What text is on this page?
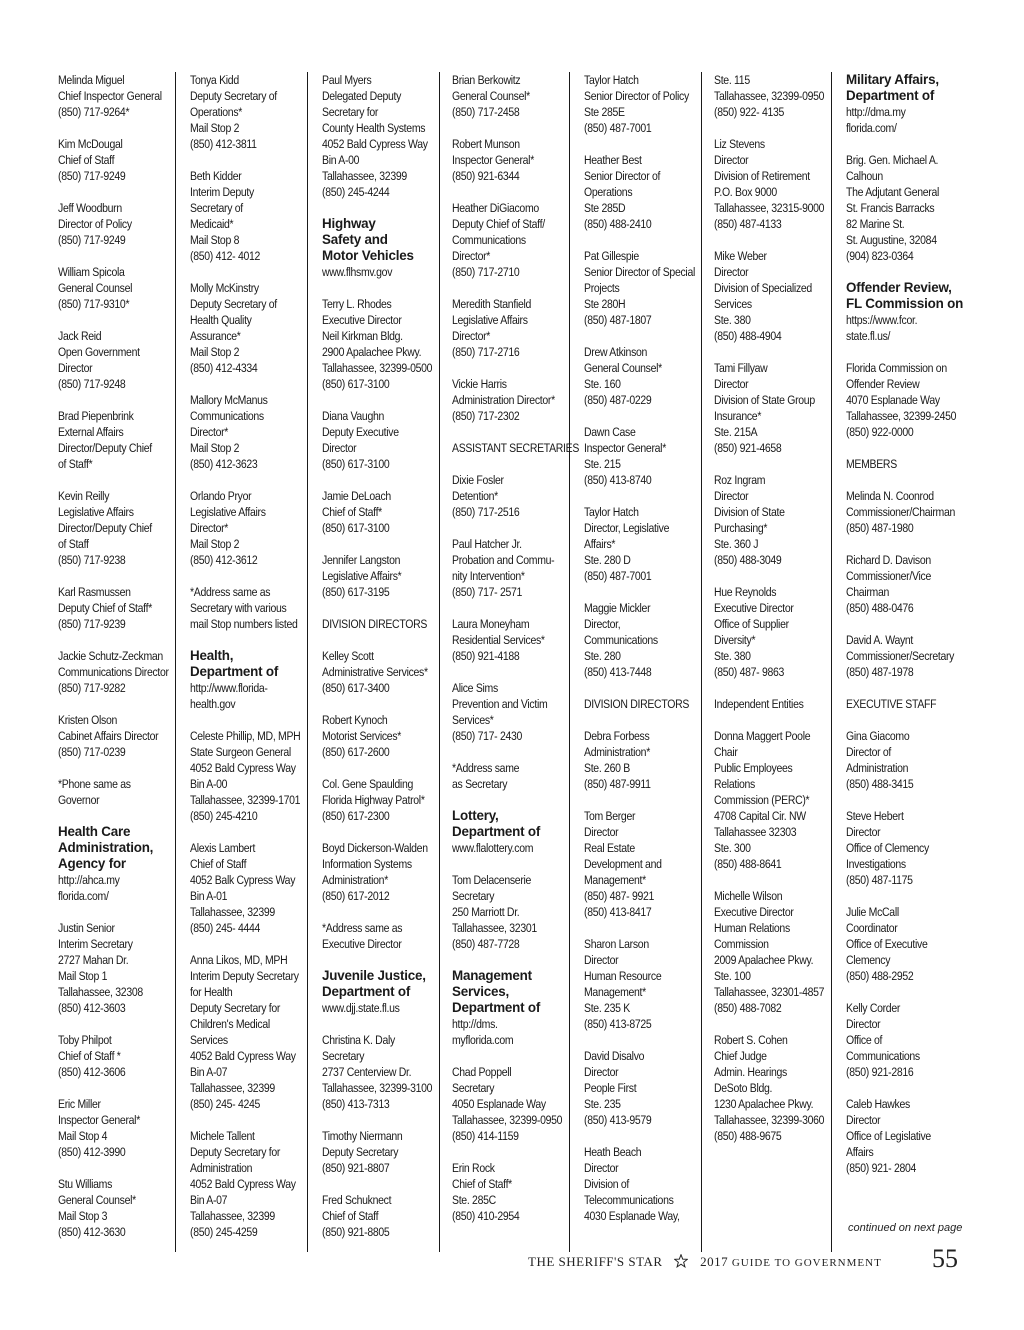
Melinda Miguel
Chief Inspector General
(850) 717-9264*
Kim McDougal
Chief of Staff
(850) 717-9249
Jeff Woodburn
Director of Policy
(850) 717-9249
William Spicola
General Counsel
(850) 717-9310*
Jack Reid
Open Government
Director
(850) 717-9248
Brad Piepenbrink
External Affairs
Director/Deputy Chief
of Staff*
Kevin Reilly
Legislative Affairs
Director/Deputy Chief
of Staff
(850) 717-9238
Karl Rasmussen
Deputy Chief of Staff*
(850) 717-9239
Jackie Schutz-Zeckman
Communications Director
(850) 717-9282
Kristen Olson
Cabinet Affairs Director
(850) 717-0239
*Phone same as
Governor
Health Care
Administration,
Agency for
http://ahca.my
florida.com/
Justin Senior
Interim Secretary
2727 Mahan Dr.
Mail Stop 1
Tallahassee, 32308
(850) 412-3603
Toby Philpot
Chief of Staff *
(850) 412-3606
Eric Miller
Inspector General*
Mail Stop 4
(850) 412-3990
Stu Williams
General Counsel*
Mail Stop 3
(850) 412-3630
Tonya Kidd
Deputy Secretary of
Operations*
Mail Stop 2
(850) 412-3811
Beth Kidder
Interim Deputy
Secretary of
Medicaid*
Mail Stop 8
(850) 412- 4012
Molly McKinstry
Deputy Secretary of
Health Quality
Assurance*
Mail Stop 2
(850) 412-4334
Mallory McManus
Communications
Director*
Mail Stop 2
(850) 412-3623
Orlando Pryor
Legislative Affairs
Director*
Mail Stop 2
(850) 412-3612
*Address same as
Secretary with various
mail Stop numbers listed
Health,
Department of
http://www.florida-
health.gov
Celeste Phillip, MD, MPH
State Surgeon General
4052 Bald Cypress Way
Bin A-00
Tallahassee, 32399-1701
(850) 245-4210
Alexis Lambert
Chief of Staff
4052 Balk Cypress Way
Bin A-01
Tallahassee, 32399
(850) 245- 4444
Anna Likos, MD, MPH
Interim Deputy Secretary
for Health
Deputy Secretary for
Children's Medical
Services
4052 Bald Cypress Way
Bin A-07
Tallahassee, 32399
(850) 245- 4245
Michele Tallent
Deputy Secretary for
Administration
4052 Bald Cypress Way
Bin A-07
Tallahassee, 32399
(850) 245-4259
Paul Myers
Delegated Deputy
Secretary for
County Health Systems
4052 Bald Cypress Way
Bin A-00
Tallahassee, 32399
(850) 245-4244
Highway
Safety and
Motor Vehicles
www.flhsmv.gov
Terry L. Rhodes
Executive Director
Neil Kirkman Bldg.
2900 Apalachee Pkwy.
Tallahassee, 32399-0500
(850) 617-3100
Diana Vaughn
Deputy Executive
Director
(850) 617-3100
Jamie DeLoach
Chief of Staff*
(850) 617-3100
Jennifer Langston
Legislative Affairs*
(850) 617-3195
DIVISION DIRECTORS
Kelley Scott
Administrative Services*
(850) 617-3400
Robert Kynoch
Motorist Services*
(850) 617-2600
Col. Gene Spaulding
Florida Highway Patrol*
(850) 617-2300
Boyd Dickerson-Walden
Information Systems
Administration*
(850) 617-2012
*Address same as
Executive Director
Juvenile Justice,
Department of
www.djj.state.fl.us
Christina K. Daly
Secretary
2737 Centerview Dr.
Tallahassee, 32399-3100
(850) 413-7313
Timothy Niermann
Deputy Secretary
(850) 921-8807
Fred Schuknect
Chief of Staff
(850) 921-8805
Brian Berkowitz
General Counsel*
(850) 717-2458
Robert Munson
Inspector General*
(850) 921-6344
Heather DiGiacomo
Deputy Chief of Staff/
Communications
Director*
(850) 717-2710
Meredith Stanfield
Legislative Affairs
Director*
(850) 717-2716
Vickie Harris
Administration Director*
(850) 717-2302
ASSISTANT SECRETARIES
Dixie Fosler
Detention*
(850) 717-2516
Paul Hatcher Jr.
Probation and Commu-
nity Intervention*
(850) 717- 2571
Laura Moneyham
Residential Services*
(850) 921-4188
Alice Sims
Prevention and Victim
Services*
(850) 717- 2430
*Address same
as Secretary
Lottery,
Department of
www.flalottery.com
Tom Delacenserie
Secretary
250 Marriott Dr.
Tallahassee, 32301
(850) 487-7728
Management
Services,
Department of
http://dms.
myflorida.com
Chad Poppell
Secretary
4050 Esplanade Way
Tallahassee, 32399-0950
(850) 414-1159
Erin Rock
Chief of Staff*
Ste. 285C
(850) 410-2954
Taylor Hatch
Senior Director of Policy
Ste 285E
(850) 487-7001
Heather Best
Senior Director of
Operations
Ste 285D
(850) 488-2410
Pat Gillespie
Senior Director of Special
Projects
Ste 280H
(850) 487-1807
Drew Atkinson
General Counsel*
Ste. 160
(850) 487-0229
Dawn Case
Inspector General*
Ste. 215
(850) 413-8740
Taylor Hatch
Director, Legislative
Affairs*
Ste. 280 D
(850) 487-7001
Maggie Mickler
Director,
Communications
Ste. 280
(850) 413-7448
DIVISION DIRECTORS
Debra Forbess
Administration*
Ste. 260 B
(850) 487-9911
Tom Berger
Director
Real Estate
Development and
Management*
(850) 487- 9921
(850) 413-8417
Sharon Larson
Director
Human Resource
Management*
Ste. 235 K
(850) 413-8725
David Disalvo
Director
People First
Ste. 235
(850) 413-9579
Heath Beach
Director
Division of
Telecommunications
4030 Esplanade Way,
Ste. 115
Tallahassee, 32399-0950
(850) 922- 4135
Liz Stevens
Director
Division of Retirement
P.O. Box 9000
Tallahassee, 32315-9000
(850) 487-4133
Mike Weber
Director
Division of Specialized
Services
Ste. 380
(850) 488-4904
Tami Fillyaw
Director
Division of State Group
Insurance*
Ste. 215A
(850) 921-4658
Roz Ingram
Director
Division of State
Purchasing*
Ste. 360 J
(850) 488-3049
Hue Reynolds
Executive Director
Office of Supplier
Diversity*
Ste. 380
(850) 487- 9863
Independent Entities
Donna Maggert Poole
Chair
Public Employees
Relations
Commission (PERC)*
4708 Capital Cir. NW
Tallahassee 32303
Ste. 300
(850) 488-8641
Michelle Wilson
Executive Director
Human Relations
Commission
2009 Apalachee Pkwy.
Ste. 100
Tallahassee, 32301-4857
(850) 488-7082
Robert S. Cohen
Chief Judge
Admin. Hearings
DeSoto Bldg.
1230 Apalachee Pkwy.
Tallahassee, 32399-3060
(850) 488-9675
Military Affairs,
Department of
http://dma.my
florida.com/
Brig. Gen. Michael A.
Calhoun
The Adjutant General
St. Francis Barracks
82 Marine St.
St. Augustine, 32084
(904) 823-0364
Offender Review,
FL Commission on
https://www.fcor.
state.fl.us/
Florida Commission on
Offender Review
4070 Esplanade Way
Tallahassee, 32399-2450
(850) 922-0000
MEMBERS
Melinda N. Coonrod
Commissioner/Chairman
(850) 487-1980
Richard D. Davison
Commissioner/Vice
Chairman
(850) 488-0476
David A. Waynt
Commissioner/Secretary
(850) 487-1978
EXECUTIVE STAFF
Gina Giacomo
Director of
Administration
(850) 488-3415
Steve Hebert
Director
Office of Clemency
Investigations
(850) 487-1175
Julie McCall
Coordinator
Office of Executive
Clemency
(850) 488-2952
Kelly Corder
Director
Office of
Communications
(850) 921-2816
Caleb Hawkes
Director
Office of Legislative
Affairs
(850) 921- 2804
continued on next page
THE SHERIFF'S STAR	2017 GUIDE TO GOVERNMENT 55
